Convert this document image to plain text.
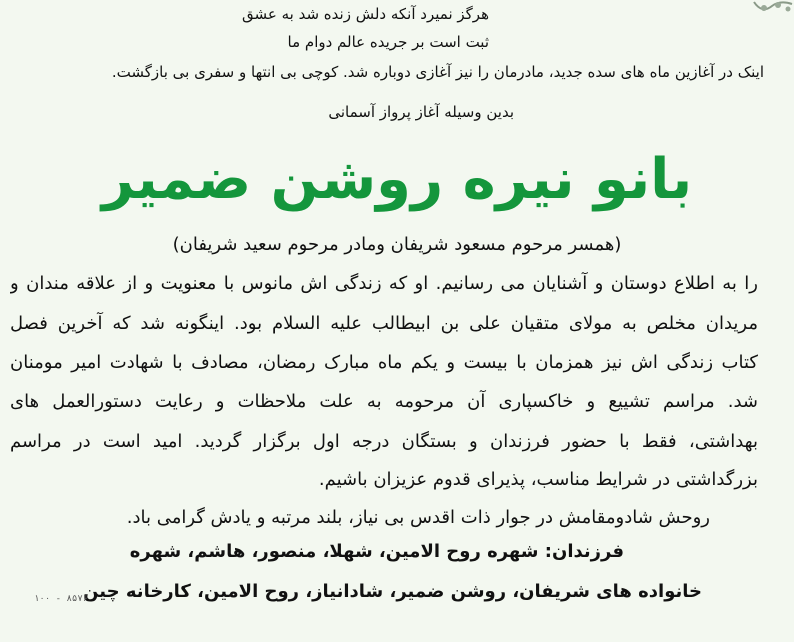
هرگز نمیرد آنکه دلش زنده شد به عشق
ثبت است بر جریده عالم دوام ما
اینک در آغازین ماه های سده جدید، مادرمان را نیز آغازی دوباره شد. کوچی بی انتها و سفری بی بازگشت.
بدین وسیله آغاز پرواز آسمانی
بانو نیره روشن ضمیر
(همسر مرحوم مسعود شریفان ومادر مرحوم سعید شریفان)
را به اطلاع دوستان و آشنایان می رسانیم. او که زندگی اش مانوس با معنویت و از علاقه مندان و
مریدان مخلص به مولای متقیان علی بن ابیطالب علیه السلام بود. اینگونه شد که آخرین فصل
کتاب زندگی اش نیز همزمان با بیست و یکم ماه مبارک رمضان، مصادف با شهادت امیر مومنان
شد. مراسم تشییع و خاکسپاری آن مرحومه به علت ملاحظات و رعایت دستورالعمل های
بهداشتی، فقط با حضور فرزندان و بستگان درجه اول برگزار گردید. امید است در مراسم
بزرگداشتی در شرایط مناسب، پذیرای قدوم عزیزان باشیم.
روحش شادومقامش در جوار ذات اقدس بی نیاز، بلند مرتبه و یادش گرامی باد.
فرزندان: شهره روح الامین، شهلا، منصور، هاشم، شهره
خانواده های شریفان، روشن ضمیر، شادانیاز، روح الامین، کارخانه چین
۱۰۰ - ۸۵۷۶
